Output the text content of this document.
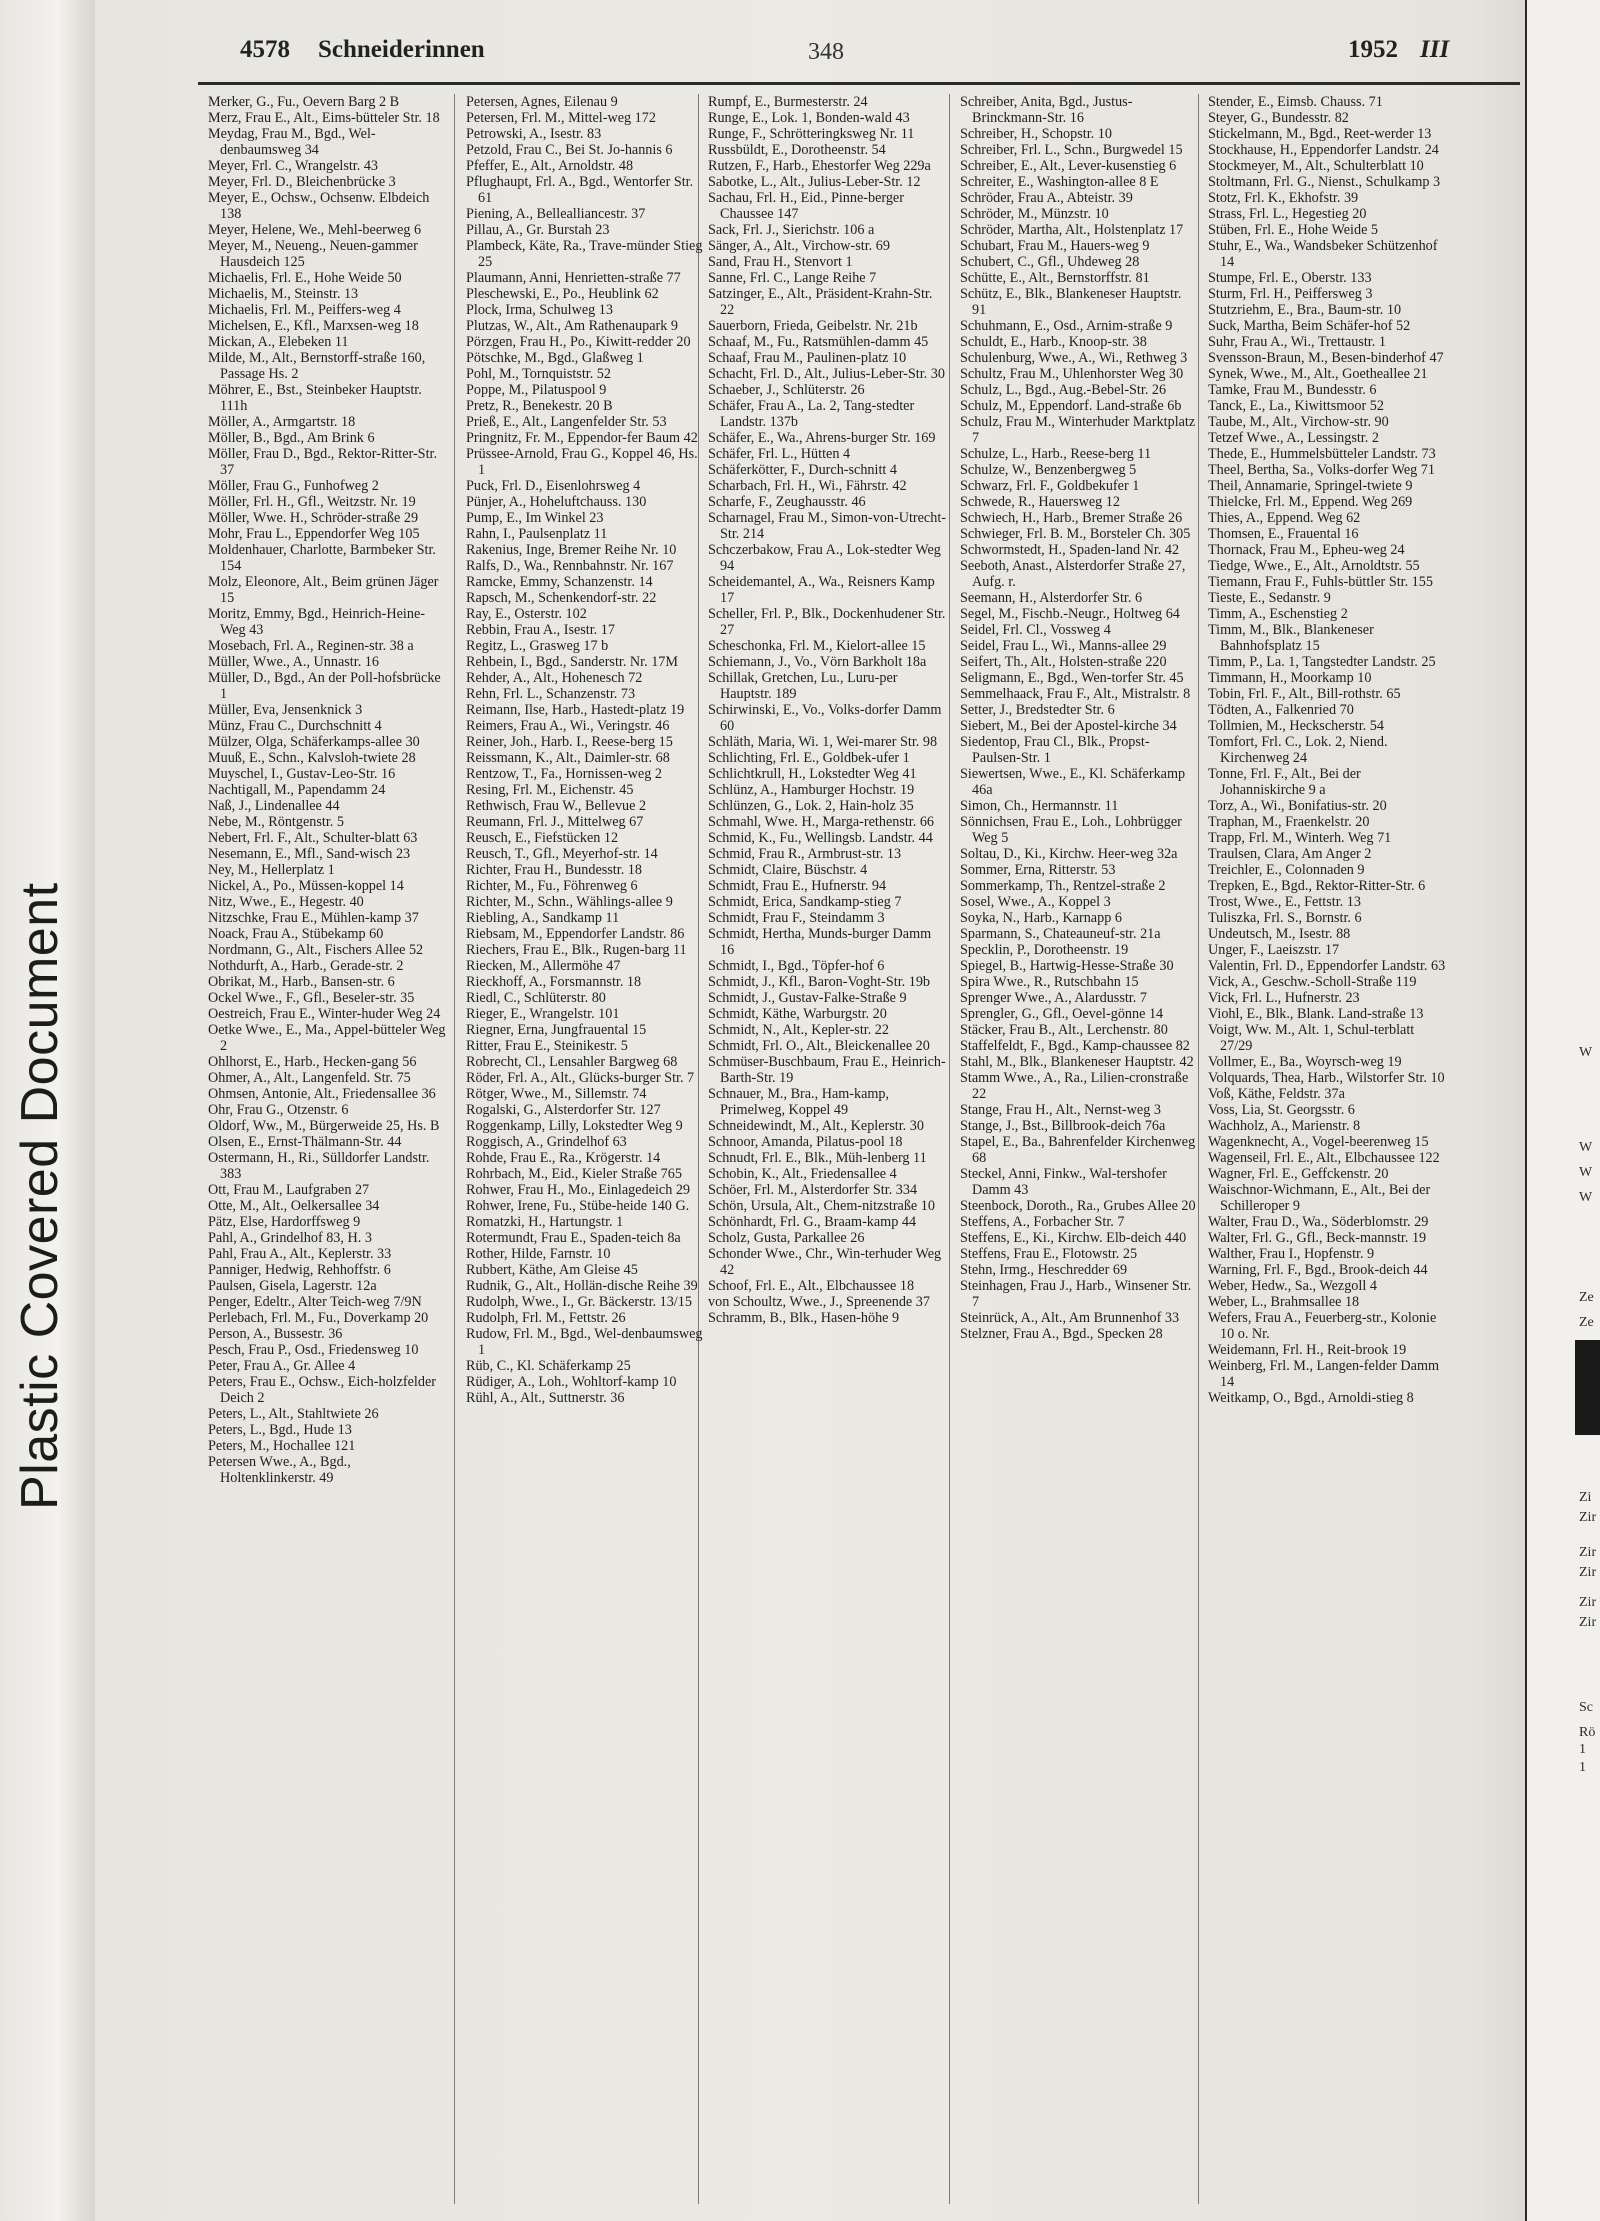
Plastic Covered Document
4578 Schneiderinnen	348	1952 III

Merker, G., Fu., Oevern Barg 2 B

Merz, Frau E., Alt., Eims-bütteler Str. 18

Meydag, Frau M., Bgd., Wel-denbaumsweg 34

Meyer, Frl. C., Wrangelstr. 43

Meyer, Frl. D., Bleichenbrücke 3

Meyer, E., Ochsw., Ochsenw. Elbdeich 138

Meyer, Helene, We., Mehl-beerweg 6

Meyer, M., Neueng., Neuen-gammer Hausdeich 125

Michaelis, Frl. E., Hohe Weide 50

Michaelis, M., Steinstr. 13

Michaelis, Frl. M., Peiffers-weg 4

Michelsen, E., Kfl., Marxsen-weg 18

Mickan, A., Elebeken 11

Milde, M., Alt., Bernstorff-straße 160, Passage Hs. 2

Möhrer, E., Bst., Steinbeker Hauptstr. 111h

Möller, A., Armgartstr. 18

Möller, B., Bgd., Am Brink 6

Möller, Frau D., Bgd., Rektor-Ritter-Str. 37

Möller, Frau G., Funhofweg 2

Möller, Frl. H., Gfl., Weitzstr. Nr. 19

Möller, Wwe. H., Schröder-straße 29

Mohr, Frau L., Eppendorfer Weg 105

Moldenhauer, Charlotte, Barmbeker Str. 154

Molz, Eleonore, Alt., Beim grünen Jäger 15

Moritz, Emmy, Bgd., Heinrich-Heine-Weg 43

Mosebach, Frl. A., Reginen-str. 38 a

Müller, Wwe., A., Unnastr. 16

Müller, D., Bgd., An der Poll-hofsbrücke 1

Müller, Eva, Jensenknick 3

Münz, Frau C., Durchschnitt 4

Mülzer, Olga, Schäferkamps-allee 30

Muuß, E., Schn., Kalvsloh-twiete 28

Muyschel, I., Gustav-Leo-Str. 16

Nachtigall, M., Papendamm 24

Naß, J., Lindenallee 44

Nebe, M., Röntgenstr. 5

Nebert, Frl. F., Alt., Schulter-blatt 63

Nesemann, E., Mfl., Sand-wisch 23

Ney, M., Hellerplatz 1

Nickel, A., Po., Müssen-koppel 14

Nitz, Wwe., E., Hegestr. 40

Nitzschke, Frau E., Mühlen-kamp 37

Noack, Frau A., Stübekamp 60

Nordmann, G., Alt., Fischers Allee 52

Nothdurft, A., Harb., Gerade-str. 2

Obrikat, M., Harb., Bansen-str. 6

Ockel Wwe., F., Gfl., Beseler-str. 35

Oestreich, Frau E., Winter-huder Weg 24

Oetke Wwe., E., Ma., Appel-bütteler Weg 2

Ohlhorst, E., Harb., Hecken-gang 56

Ohmer, A., Alt., Langenfeld. Str. 75

Ohmsen, Antonie, Alt., Friedensallee 36

Ohr, Frau G., Otzenstr. 6

Oldorf, Ww., M., Bürgerweide 25, Hs. B

Olsen, E., Ernst-Thälmann-Str. 44

Ostermann, H., Ri., Sülldorfer Landstr. 383

Ott, Frau M., Laufgraben 27

Otte, M., Alt., Oelkersallee 34

Pätz, Else, Hardorffsweg 9

Pahl, A., Grindelhof 83, H. 3

Pahl, Frau A., Alt., Keplerstr. 33

Panniger, Hedwig, Rehhoffstr. 6

Paulsen, Gisela, Lagerstr. 12a

Penger, Edeltr., Alter Teich-weg 7/9N

Perlebach, Frl. M., Fu., Doverkamp 20

Person, A., Bussestr. 36

Pesch, Frau P., Osd., Friedensweg 10

Peter, Frau A., Gr. Allee 4

Peters, Frau E., Ochsw., Eich-holzfelder Deich 2

Peters, L., Alt., Stahltwiete 26

Peters, L., Bgd., Hude 13

Peters, M., Hochallee 121

Petersen Wwe., A., Bgd., Holtenklinkerstr. 49

Petersen, Agnes, Eilenau 9

Petersen, Frl. M., Mittel-weg 172

Petrowski, A., Isestr. 83

Petzold, Frau C., Bei St. Jo-hannis 6

Pfeffer, E., Alt., Arnoldstr. 48

Pflughaupt, Frl. A., Bgd., Wentorfer Str. 61

Piening, A., Bellealliancestr. 37

Pillau, A., Gr. Burstah 23

Plambeck, Käte, Ra., Trave-münder Stieg 25

Plaumann, Anni, Henrietten-straße 77

Pleschewski, E., Po., Heublink 62

Plock, Irma, Schulweg 13

Plutzas, W., Alt., Am Rathenaupark 9

Pörzgen, Frau H., Po., Kiwitt-redder 20

Pötschke, M., Bgd., Glaßweg 1

Pohl, M., Tornquiststr. 52

Poppe, M., Pilatuspool 9

Pretz, R., Benekestr. 20 B

Prieß, E., Alt., Langenfelder Str. 53

Pringnitz, Fr. M., Eppendor-fer Baum 42

Prüssee-Arnold, Frau G., Koppel 46, Hs. 1

Puck, Frl. D., Eisenlohrsweg 4

Pünjer, A., Hoheluftchauss. 130

Pump, E., Im Winkel 23

Rahn, I., Paulsenplatz 11

Rakenius, Inge, Bremer Reihe Nr. 10

Ralfs, D., Wa., Rennbahnstr. Nr. 167

Ramcke, Emmy, Schanzenstr. 14

Rapsch, M., Schenkendorf-str. 22

Ray, E., Osterstr. 102

Rebbin, Frau A., Isestr. 17

Regitz, L., Grasweg 17 b

Rehbein, I., Bgd., Sanderstr. Nr. 17M

Rehder, A., Alt., Hohenesch 72

Rehn, Frl. L., Schanzenstr. 73

Reimann, Ilse, Harb., Hastedt-platz 19

Reimers, Frau A., Wi., Veringstr. 46

Reiner, Joh., Harb. I., Reese-berg 15

Reissmann, K., Alt., Daimler-str. 68

Rentzow, T., Fa., Hornissen-weg 2

Resing, Frl. M., Eichenstr. 45

Rethwisch, Frau W., Bellevue 2

Reumann, Frl. J., Mittelweg 67

Reusch, E., Fiefstücken 12

Reusch, T., Gfl., Meyerhof-str. 14

Richter, Frau H., Bundesstr. 18

Richter, M., Fu., Föhrenweg 6

Richter, M., Schn., Wählings-allee 9

Riebling, A., Sandkamp 11

Riebsam, M., Eppendorfer Landstr. 86

Riechers, Frau E., Blk., Rugen-barg 11

Riecken, M., Allermöhe 47

Rieckhoff, A., Forsmannstr. 18

Riedl, C., Schlüterstr. 80

Rieger, E., Wrangelstr. 101

Riegner, Erna, Jungfrauental 15

Ritter, Frau E., Steinikestr. 5

Robrecht, Cl., Lensahler Bargweg 68

Röder, Frl. A., Alt., Glücks-burger Str. 7

Rötger, Wwe., M., Sillemstr. 74

Rogalski, G., Alsterdorfer Str. 127

Roggenkamp, Lilly, Lokstedter Weg 9

Roggisch, A., Grindelhof 63

Rohde, Frau E., Ra., Krögerstr. 14

Rohrbach, M., Eid., Kieler Straße 765

Rohwer, Frau H., Mo., Einlagedeich 29

Rohwer, Irene, Fu., Stübe-heide 140 G.

Romatzki, H., Hartungstr. 1

Rotermundt, Frau E., Spaden-teich 8a

Rother, Hilde, Farnstr. 10

Rubbert, Käthe, Am Gleise 45

Rudnik, G., Alt., Hollän-dische Reihe 39

Rudolph, Wwe., I., Gr. Bäckerstr. 13/15

Rudolph, Frl. M., Fettstr. 26

Rudow, Frl. M., Bgd., Wel-denbaumsweg 1

Rüb, C., Kl. Schäferkamp 25

Rüdiger, A., Loh., Wohltorf-kamp 10

Rühl, A., Alt., Suttnerstr. 36

Rumpf, E., Burmesterstr. 24

Runge, E., Lok. 1, Bonden-wald 43

Runge, F., Schrötteringksweg Nr. 11

Russbüldt, E., Dorotheenstr. 54

Rutzen, F., Harb., Ehestorfer Weg 229a

Sabotke, L., Alt., Julius-Leber-Str. 12

Sachau, Frl. H., Eid., Pinne-berger Chaussee 147

Sack, Frl. J., Sierichstr. 106 a

Sänger, A., Alt., Virchow-str. 69

Sand, Frau H., Stenvort 1

Sanne, Frl. C., Lange Reihe 7

Satzinger, E., Alt., Präsident-Krahn-Str. 22

Sauerborn, Frieda, Geibelstr. Nr. 21b

Schaaf, M., Fu., Ratsmühlen-damm 45

Schaaf, Frau M., Paulinen-platz 10

Schacht, Frl. D., Alt., Julius-Leber-Str. 30

Schaeber, J., Schlüterstr. 26

Schäfer, Frau A., La. 2, Tang-stedter Landstr. 137b

Schäfer, E., Wa., Ahrens-burger Str. 169

Schäfer, Frl. L., Hütten 4

Schäferkötter, F., Durch-schnitt 4

Scharbach, Frl. H., Wi., Fährstr. 42

Scharfe, F., Zeughausstr. 46

Scharnagel, Frau M., Simon-von-Utrecht-Str. 214

Schczerbakow, Frau A., Lok-stedter Weg 94

Scheidemantel, A., Wa., Reisners Kamp 17

Scheller, Frl. P., Blk., Dockenhudener Str. 27

Scheschonka, Frl. M., Kielort-allee 15

Schiemann, J., Vo., Vörn Barkholt 18a

Schillak, Gretchen, Lu., Luru-per Hauptstr. 189

Schirwinski, E., Vo., Volks-dorfer Damm 60

Schläth, Maria, Wi. 1, Wei-marer Str. 98

Schlichting, Frl. E., Goldbek-ufer 1

Schlichtkrull, H., Lokstedter Weg 41

Schlünz, A., Hamburger Hochstr. 19

Schlünzen, G., Lok. 2, Hain-holz 35

Schmahl, Wwe. H., Marga-rethenstr. 66

Schmid, K., Fu., Wellingsb. Landstr. 44

Schmid, Frau R., Armbrust-str. 13

Schmidt, Claire, Büschstr. 4

Schmidt, Frau E., Hufnerstr. 94

Schmidt, Erica, Sandkamp-stieg 7

Schmidt, Frau F., Steindamm 3

Schmidt, Hertha, Munds-burger Damm 16

Schmidt, I., Bgd., Töpfer-hof 6

Schmidt, J., Kfl., Baron-Voght-Str. 19b

Schmidt, J., Gustav-Falke-Straße 9

Schmidt, Käthe, Warburgstr. 20

Schmidt, N., Alt., Kepler-str. 22

Schmidt, Frl. O., Alt., Bleickenallee 20

Schmüser-Buschbaum, Frau E., Heinrich-Barth-Str. 19

Schnauer, M., Bra., Ham-kamp, Primelweg, Koppel 49

Schneidewindt, M., Alt., Keplerstr. 30

Schnoor, Amanda, Pilatus-pool 18

Schnudt, Frl. E., Blk., Müh-lenberg 11

Schobin, K., Alt., Friedensallee 4

Schöer, Frl. M., Alsterdorfer Str. 334

Schön, Ursula, Alt., Chem-nitzstraße 10

Schönhardt, Frl. G., Braam-kamp 44

Scholz, Gusta, Parkallee 26

Schonder Wwe., Chr., Win-terhuder Weg 42

Schoof, Frl. E., Alt., Elbchaussee 18

von Schoultz, Wwe., J., Spreenende 37

Schramm, B., Blk., Hasen-höhe 9

Schreiber, Anita, Bgd., Justus-Brinckmann-Str. 16

Schreiber, H., Schopstr. 10

Schreiber, Frl. L., Schn., Burgwedel 15

Schreiber, E., Alt., Lever-kusenstieg 6

Schreiter, E., Washington-allee 8 E

Schröder, Frau A., Abteistr. 39

Schröder, M., Münzstr. 10

Schröder, Martha, Alt., Holstenplatz 17

Schubart, Frau M., Hauers-weg 9

Schubert, C., Gfl., Uhdeweg 28

Schütte, E., Alt., Bernstorffstr. 81

Schütz, E., Blk., Blankeneser Hauptstr. 91

Schuhmann, E., Osd., Arnim-straße 9

Schuldt, E., Harb., Knoop-str. 38

Schulenburg, Wwe., A., Wi., Rethweg 3

Schultz, Frau M., Uhlenhorster Weg 30

Schulz, L., Bgd., Aug.-Bebel-Str. 26

Schulz, M., Eppendorf. Land-straße 6b

Schulz, Frau M., Winterhuder Marktplatz 7

Schulze, L., Harb., Reese-berg 11

Schulze, W., Benzenbergweg 5

Schwarz, Frl. F., Goldbekufer 1

Schwede, R., Hauersweg 12

Schwiech, H., Harb., Bremer Straße 26

Schwieger, Frl. B. M., Borsteler Ch. 305

Schwormstedt, H., Spaden-land Nr. 42

Seeboth, Anast., Alsterdorfer Straße 27, Aufg. r.

Seemann, H., Alsterdorfer Str. 6

Segel, M., Fischb.-Neugr., Holtweg 64

Seidel, Frl. Cl., Vossweg 4

Seidel, Frau L., Wi., Manns-allee 29

Seifert, Th., Alt., Holsten-straße 220

Seligmann, E., Bgd., Wen-torfer Str. 45

Semmelhaack, Frau F., Alt., Mistralstr. 8

Setter, J., Bredstedter Str. 6

Siebert, M., Bei der Apostel-kirche 34

Siedentop, Frau Cl., Blk., Propst-Paulsen-Str. 1

Siewertsen, Wwe., E., Kl. Schäferkamp 46a

Simon, Ch., Hermannstr. 11

Sönnichsen, Frau E., Loh., Lohbrügger Weg 5

Soltau, D., Ki., Kirchw. Heer-weg 32a

Sommer, Erna, Ritterstr. 53

Sommerkamp, Th., Rentzel-straße 2

Sosel, Wwe., A., Koppel 3

Soyka, N., Harb., Karnapp 6

Sparmann, S., Chateauneuf-str. 21a

Specklin, P., Dorotheenstr. 19

Spiegel, B., Hartwig-Hesse-Straße 30

Spira Wwe., R., Rutschbahn 15

Sprenger Wwe., A., Alardusstr. 7

Sprengler, G., Gfl., Oevel-gönne 14

Stäcker, Frau B., Alt., Lerchenstr. 80

Staffelfeldt, F., Bgd., Kamp-chaussee 82

Stahl, M., Blk., Blankeneser Hauptstr. 42

Stamm Wwe., A., Ra., Lilien-cronstraße 22

Stange, Frau H., Alt., Nernst-weg 3

Stange, J., Bst., Billbrook-deich 76a

Stapel, E., Ba., Bahrenfelder Kirchenweg 68

Steckel, Anni, Finkw., Wal-tershofer Damm 43

Steenbock, Doroth., Ra., Grubes Allee 20

Steffens, A., Forbacher Str. 7

Steffens, E., Ki., Kirchw. Elb-deich 440

Steffens, Frau E., Flotowstr. 25

Stehn, Irmg., Heschredder 69

Steinhagen, Frau J., Harb., Winsener Str. 7

Steinrück, A., Alt., Am Brunnenhof 33

Stelzner, Frau A., Bgd., Specken 28

Stender, E., Eimsb. Chauss. 71

Steyer, G., Bundesstr. 82

Stickelmann, M., Bgd., Reet-werder 13

Stockhause, H., Eppendorfer Landstr. 24

Stockmeyer, M., Alt., Schulterblatt 10

Stoltmann, Frl. G., Nienst., Schulkamp 3

Stotz, Frl. K., Ekhofstr. 39

Strass, Frl. L., Hegestieg 20

Stüben, Frl. E., Hohe Weide 5

Stuhr, E., Wa., Wandsbeker Schützenhof 14

Stumpe, Frl. E., Oberstr. 133

Sturm, Frl. H., Peiffersweg 3

Stutzriehm, E., Bra., Baum-str. 10

Suck, Martha, Beim Schäfer-hof 52

Suhr, Frau A., Wi., Trettaustr. 1

Svensson-Braun, M., Besen-binderhof 47

Synek, Wwe., M., Alt., Goetheallee 21

Tamke, Frau M., Bundesstr. 6

Tanck, E., La., Kiwittsmoor 52

Taube, M., Alt., Virchow-str. 90

Tetzef Wwe., A., Lessingstr. 2

Thede, E., Hummelsbütteler Landstr. 73

Theel, Bertha, Sa., Volks-dorfer Weg 71

Theil, Annamarie, Springel-twiete 9

Thielcke, Frl. M., Eppend. Weg 269

Thies, A., Eppend. Weg 62

Thomsen, E., Frauental 16

Thornack, Frau M., Epheu-weg 24

Tiedge, Wwe., E., Alt., Arnoldtstr. 55

Tiemann, Frau F., Fuhls-büttler Str. 155

Tieste, E., Sedanstr. 9

Timm, A., Eschenstieg 2

Timm, M., Blk., Blankeneser Bahnhofsplatz 15

Timm, P., La. 1, Tangstedter Landstr. 25

Timmann, H., Moorkamp 10

Tobin, Frl. F., Alt., Bill-rothstr. 65

Tödten, A., Falkenried 70

Tollmien, M., Heckscherstr. 54

Tomfort, Frl. C., Lok. 2, Niend. Kirchenweg 24

Tonne, Frl. F., Alt., Bei der Johanniskirche 9 a

Torz, A., Wi., Bonifatius-str. 20

Traphan, M., Fraenkelstr. 20

Trapp, Frl. M., Winterh. Weg 71

Traulsen, Clara, Am Anger 2

Treichler, E., Colonnaden 9

Trepken, E., Bgd., Rektor-Ritter-Str. 6

Trost, Wwe., E., Fettstr. 13

Tuliszka, Frl. S., Bornstr. 6

Undeutsch, M., Isestr. 88

Unger, F., Laeiszstr. 17

Valentin, Frl. D., Eppendorfer Landstr. 63

Vick, A., Geschw.-Scholl-Straße 119

Vick, Frl. L., Hufnerstr. 23

Viohl, E., Blk., Blank. Land-straße 13

Voigt, Ww. M., Alt. 1, Schul-terblatt 27/29

Vollmer, E., Ba., Woyrsch-weg 19

Volquards, Thea, Harb., Wilstorfer Str. 10

Voß, Käthe, Feldstr. 37a

Voss, Lia, St. Georgsstr. 6

Wachholz, A., Marienstr. 8

Wagenknecht, A., Vogel-beerenweg 15

Wagenseil, Frl. E., Alt., Elbchaussee 122

Wagner, Frl. E., Geffckenstr. 20

Waischnor-Wichmann, E., Alt., Bei der Schilleroper 9

Walter, Frau D., Wa., Söderblomstr. 29

Walter, Frl. G., Gfl., Beck-mannstr. 19

Walther, Frau I., Hopfenstr. 9

Warning, Frl. F., Bgd., Brook-deich 44

Weber, Hedw., Sa., Wezgoll 4

Weber, L., Brahmsallee 18

Wefers, Frau A., Feuerberg-str., Kolonie 10 o. Nr.

Weidemann, Frl. H., Reit-brook 19

Weinberg, Frl. M., Langen-felder Damm 14

Weitkamp, O., Bgd., Arnoldi-stieg 8

W
W
W
W
Ze
Ze
Zi
Zir
Zir
Zir
Zir
Zir
Sc
Rö
1
1
